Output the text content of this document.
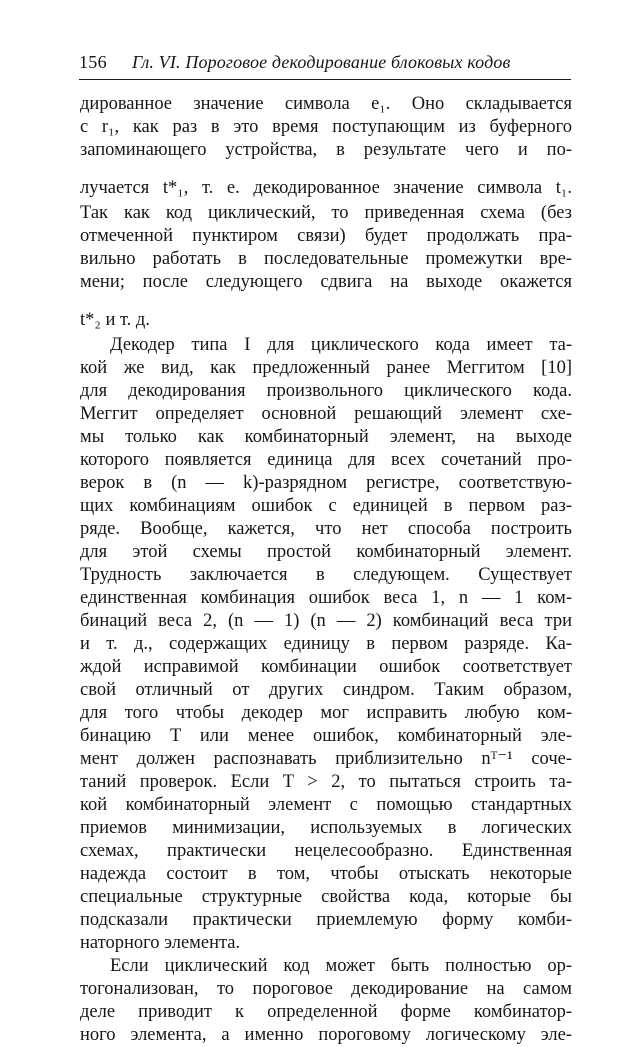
156 Гл. VI. Пороговое декодирование блоковых кодов
дированное значение символа e₁. Оно складывается
с r₁, как раз в это время поступающим из буферного
запоминающего устройства, в результате чего и по-
лучается t*₁, т. е. декодированное значение символа t₁.
Так как код циклический, то приведенная схема (без
отмеченной пунктиром связи) будет продолжать пра-
вильно работать в последовательные промежутки вре-
мени; после следующего сдвига на выходе окажется
t*₂ и т. д.
Декодер типа I для циклического кода имеет та-
кой же вид, как предложенный ранее Меггитом [10]
для декодирования произвольного циклического кода.
Меггит определяет основной решающий элемент схе-
мы только как комбинаторный элемент, на выходе
которого появляется единица для всех сочетаний про-
верок в (n — k)-разрядном регистре, соответствую-
щих комбинациям ошибок с единицей в первом раз-
ряде. Вообще, кажется, что нет способа построить
для этой схемы простой комбинаторный элемент.
Трудность заключается в следующем. Существует
единственная комбинация ошибок веса 1, n — 1 ком-
бинаций веса 2, (n — 1) (n — 2) комбинаций веса три
и т. д., содержащих единицу в первом разряде. Ка-
ждой исправимой комбинации ошибок соответствует
свой отличный от других синдром. Таким образом,
для того чтобы декодер мог исправить любую ком-
бинацию T или менее ошибок, комбинаторный эле-
мент должен распознавать приблизительно nᵀ⁻¹ соче-
таний проверок. Если T > 2, то пытаться строить та-
кой комбинаторный элемент с помощью стандартных
приемов минимизации, используемых в логических
схемах, практически нецелесообразно. Единственная
надежда состоит в том, чтобы отыскать некоторые
специальные структурные свойства кода, которые бы
подсказали практически приемлемую форму комби-
наторного элемента.
Если циклический код может быть полностью ор-
тогонализован, то пороговое декодирование на самом
деле приводит к определенной форме комбинатор-
ного элемента, а именно пороговому логическому эле-
